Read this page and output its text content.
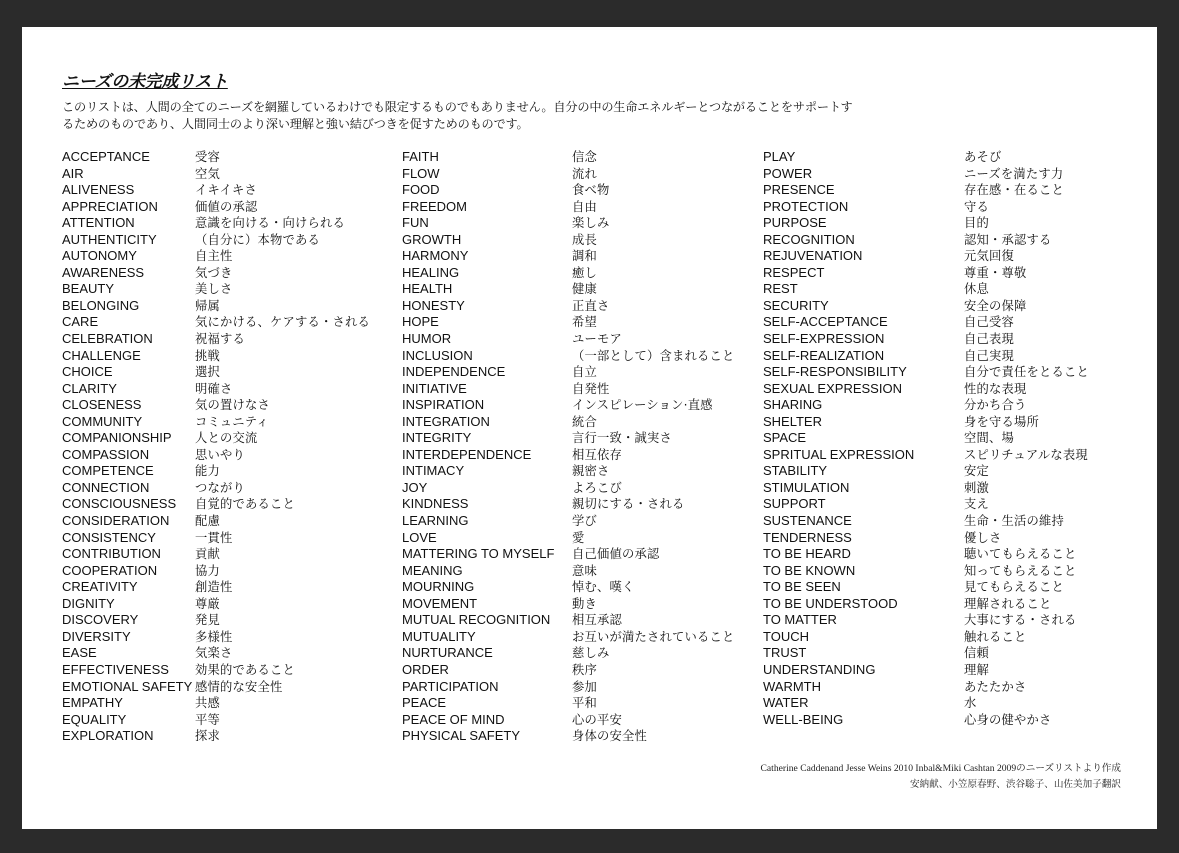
ニーズの未完成リスト
このリストは、人間の全てのニーズを網羅しているわけでも限定するものでもありません。自分の中の生命エネルギーとつながることをサポートす
るためのものであり、人間同士のより深い理解と強い結びつきを促すためのものです。
ACCEPTANCE	受容
AIR	空気
ALIVENESS	イキイキさ
APPRECIATION	価値の承認
ATTENTION	意識を向ける・向けられる
AUTHENTICITY	（自分に）本物である
AUTONOMY	自主性
AWARENESS	気づき
BEAUTY	美しさ
BELONGING	帰属
CARE	気にかける、ケアする・される
CELEBRATION	祝福する
CHALLENGE	挑戦
CHOICE	選択
CLARITY	明確さ
CLOSENESS	気の置けなさ
COMMUNITY	コミュニティ
COMPANIONSHIP	人との交流
COMPASSION	思いやり
COMPETENCE	能力
CONNECTION	つながり
CONSCIOUSNESS	自覚的であること
CONSIDERATION	配慮
CONSISTENCY	一貫性
CONTRIBUTION	貢献
COOPERATION	協力
CREATIVITY	創造性
DIGNITY	尊厳
DISCOVERY	発見
DIVERSITY	多様性
EASE	気楽さ
EFFECTIVENESS	効果的であること
EMOTIONAL SAFETY 感情的な安全性
EMPATHY	共感
EQUALITY	平等
EXPLORATION	探求
FAITH	信念
FLOW	流れ
FOOD	食べ物
FREEDOM	自由
FUN	楽しみ
GROWTH	成長
HARMONY	調和
HEALING	癒し
HEALTH	健康
HONESTY	正直さ
HOPE	希望
HUMOR	ユーモア
INCLUSION	（一部として）含まれること
INDEPENDENCE	自立
INITIATIVE	自発性
INSPIRATION	インスピレーション·直感
INTEGRATION	統合
INTEGRITY	言行一致・誠実さ
INTERDEPENDENCE	相互依存
INTIMACY	親密さ
JOY	よろこび
KINDNESS	親切にする・される
LEARNING	学び
LOVE	愛
MATTERING TO MYSELF	自己価値の承認
MEANING	意味
MOURNING	悼む、嘆く
MOVEMENT	動き
MUTUAL RECOGNITION	相互承認
MUTUALITY	お互いが満たされていること
NURTURANCE	慈しみ
ORDER	秩序
PARTICIPATION	参加
PEACE	平和
PEACE OF MIND	心の平安
PHYSICAL SAFETY	身体の安全性
PLAY	あそび
POWER	ニーズを満たす力
PRESENCE	存在感・在ること
PROTECTION	守る
PURPOSE	目的
RECOGNITION	認知・承認する
REJUVENATION	元気回復
RESPECT	尊重・尊敬
REST	休息
SECURITY	安全の保障
SELF-ACCEPTANCE	自己受容
SELF-EXPRESSION	自己表現
SELF-REALIZATION	自己実現
SELF-RESPONSIBILITY	自分で責任をとること
SEXUAL EXPRESSION	性的な表現
SHARING	分かち合う
SHELTER	身を守る場所
SPACE	空間、場
SPRITUAL EXPRESSION	スピリチュアルな表現
STABILITY	安定
STIMULATION	刺激
SUPPORT	支え
SUSTENANCE	生命・生活の維持
TENDERNESS	優しさ
TO BE HEARD	聴いてもらえること
TO BE KNOWN	知ってもらえること
TO BE SEEN	見てもらえること
TO BE UNDERSTOOD	理解されること
TO MATTER	大事にする・される
TOUCH	触れること
TRUST	信頼
UNDERSTANDING	理解
WARMTH	あたたかさ
WATER	水
WELL-BEING	心身の健やかさ
Catherine Caddenand Jesse Weins 2010 Inbal&Miki Cashtan 2009のニーズリストより作成
安納献、小笠原春野、渋谷聡子、山佐美加子翻訳
